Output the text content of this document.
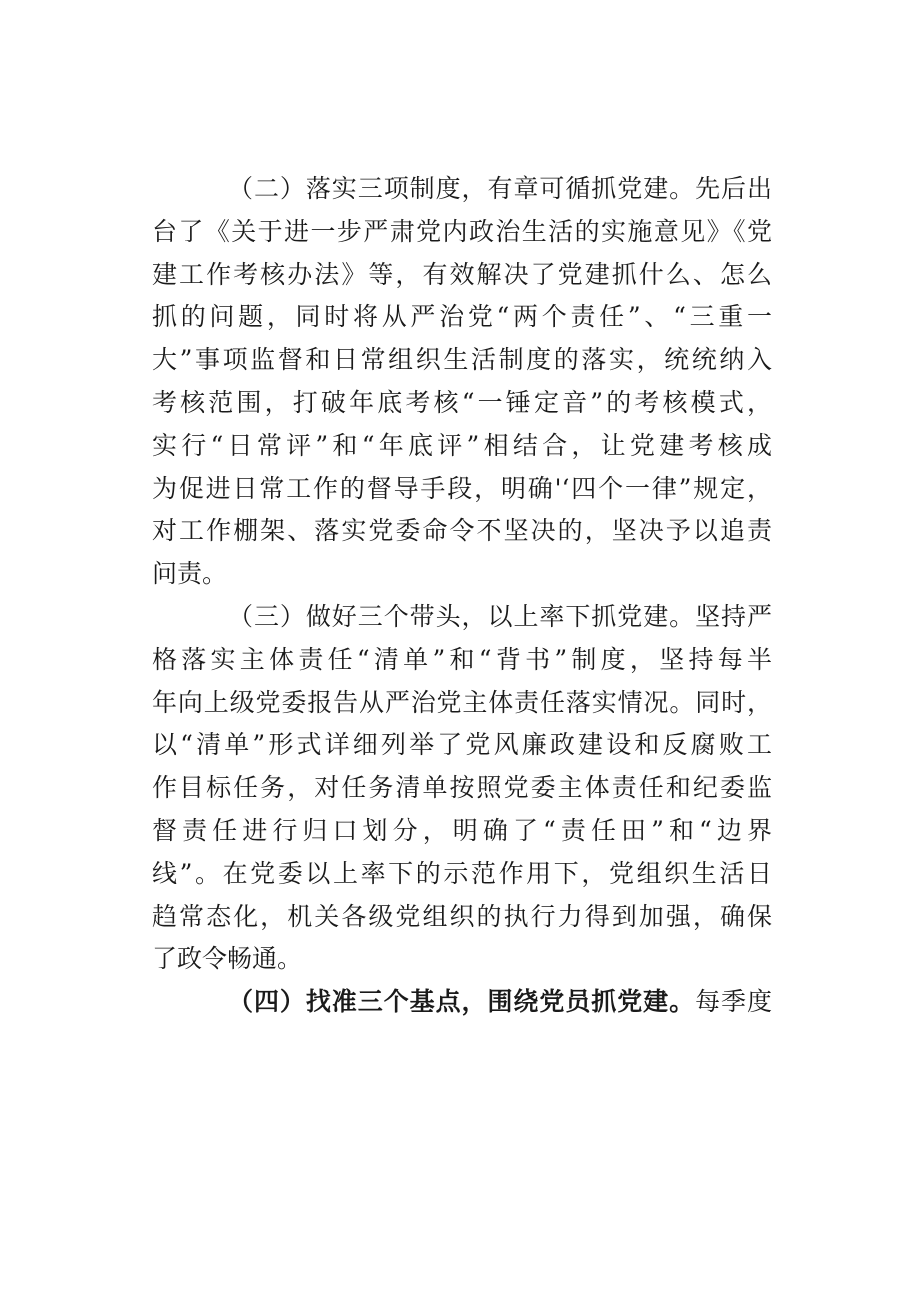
（二）落实三项制度，有章可循抓党建。先后出
台了《关于进一步严肃党内政治生活的实施意见》《党
建工作考核办法》等，有效解决了党建抓什么、怎么
抓的问题，同时将从严治党“两个责任”、“三重一
大”事项监督和日常组织生活制度的落实，统统纳入
考核范围，打破年底考核“一锤定音”的考核模式，
实行“日常评”和“年底评”相结合，让党建考核成
为促进日常工作的督导手段，明确'‘四个一律”规定，
对工作棚架、落实党委命令不坚决的，坚决予以追责
问责。
（三）做好三个带头，以上率下抓党建。坚持严
格落实主体责任“清单”和“背书”制度，坚持每半
年向上级党委报告从严治党主体责任落实情况。同时，
以“清单”形式详细列举了党风廉政建设和反腐败工
作目标任务，对任务清单按照党委主体责任和纪委监
督责任进行归口划分，明确了“责任田”和“边界
线”。在党委以上率下的示范作用下，党组织生活日
趋常态化，机关各级党组织的执行力得到加强，确保
了政令畅通。
（四）找准三个基点，围绕党员抓党建。每季度
